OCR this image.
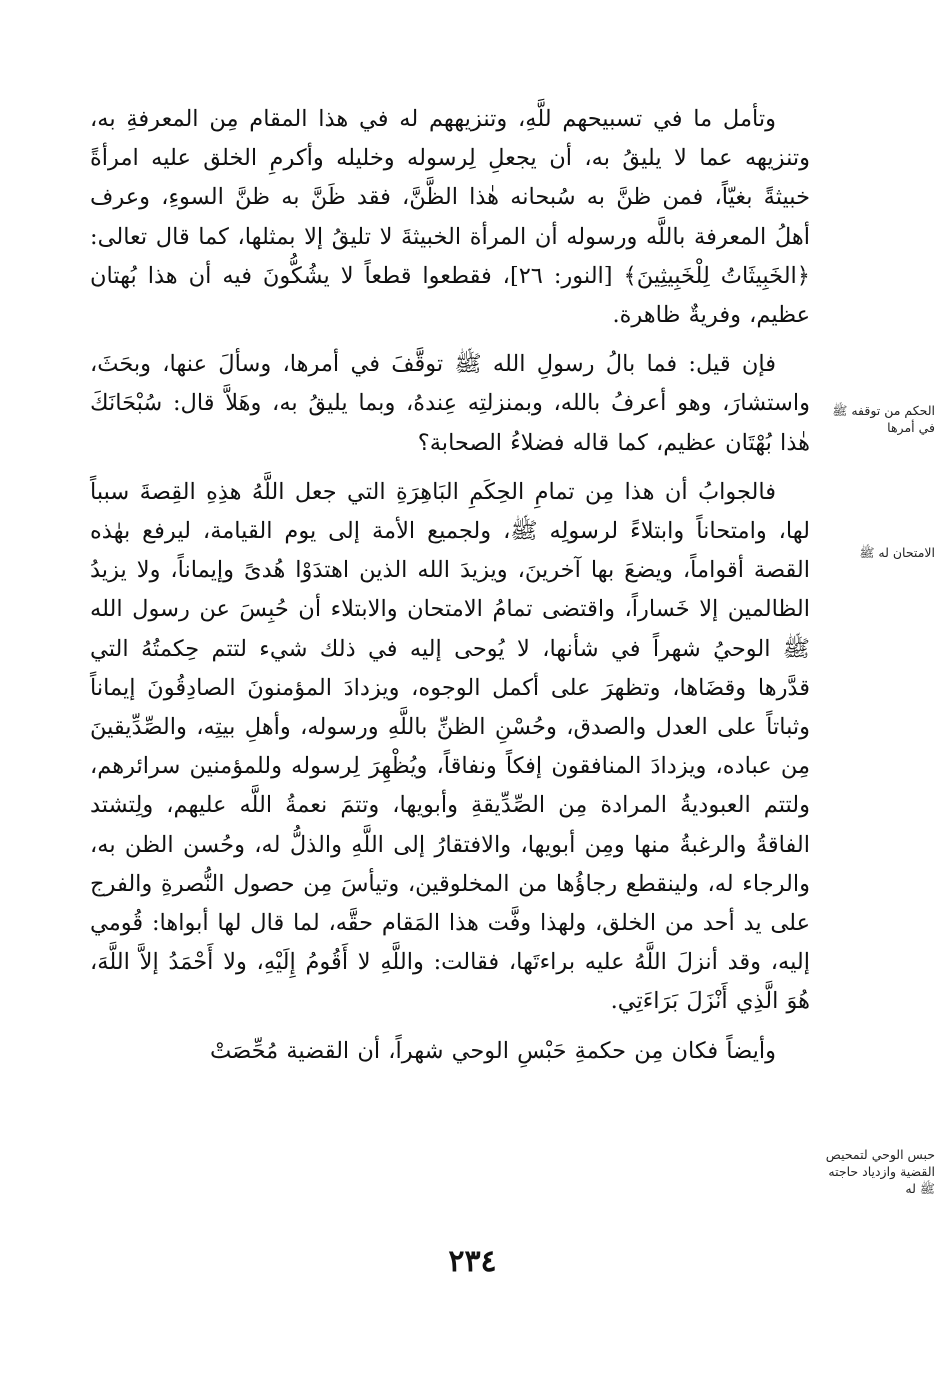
وتأمل ما في تسبيحهم للَّهِ، وتنزيههم له في هذا المقام مِن المعرفةِ به، وتنزيهه عما لا يليقُ به، أن يجعلِ لِرسوله وخليله وأكرمِ الخلق عليه امرأةً خبيثةً بغيّاً، فمن ظنَّ به سُبحانه هٰذا الظَّنَّ، فقد ظَنَّ به ظنَّ السوءِ، وعرف أهلُ المعرفة باللَّه ورسوله أن المرأة الخبيثةَ لا تليقُ إلا بمثلها، كما قال تعالى: ﴿الخَبِيثَاتُ لِلْخَبِيثِينَ﴾ [النور: ٢٦]، فقطعوا قطعاً لا يشُكُّونَ فيه أن هذا بُهتان عظيم، وفريةٌ ظاهرة.

فإن قيل: فما بالُ رسولِ الله ﷺ توقَّفَ في أمرها، وسألَ عنها، وبحَثَ، واستشارَ، وهو أعرفُ بالله، وبمنزلتِه عِندهُ، وبما يليقُ به، وهَلاَّ قال: سُبْحَانَكَ هٰذا بُهْتَان عظيم، كما قاله فضلاءُ الصحابة؟

فالجوابُ أن هذا مِن تمامِ الحِكَمِ البَاهِرَةِ التي جعل اللَّهُ هذِهِ القِصةَ سبباً لها، وامتحاناً وابتلاءً لرسولِه ﷺ، ولجميع الأمة إلى يوم القيامة، ليرفع بهٰذه القصة أقواماً، ويضعَ بها آخرينَ، ويزيدَ الله الذين اهتدَوْا هُدىً وإيماناً، ولا يزيدُ الظالمين إلا خَساراً، واقتضى تمامُ الامتحان والابتلاء أن حُبِسَ عن رسول الله ﷺ الوحيُ شهراً في شأنها، لا يُوحى إليه في ذلك شيء لتتم حِكمتُهُ التي قدَّرها وقضَاها، وتظهرَ على أكمل الوجوه، ويزدادَ المؤمنونَ الصادِقُونَ إيماناً وثباتاً على العدل والصدق، وحُسْنِ الظنِّ باللَّهِ ورسوله، وأهلِ بيتِه، والصِّدِّيقينَ مِن عباده، ويزدادَ المنافقون إفكاً ونفاقاً، ويُظْهِرَ لِرسوله وللمؤمنين سرائرهم، ولتتم العبوديةُ المرادة مِن الصِّدِّيقةِ وأبويها، وتتمَ نعمةُ اللَّه عليهم، ولِتشتد الفاقةُ والرغبةُ منها ومِن أبويها، والافتقارُ إلى اللَّهِ والذلُّ له، وحُسن الظن به، والرجاء له، ولينقطع رجاؤُها من المخلوقين، وتيأسَ مِن حصول النُّصرةِ والفرج على يد أحد من الخلق، ولهذا وفَّت هذا المَقام حقَّه، لما قال لها أبواها: قُومي إليه، وقد أنزلَ اللَّهُ عليه براءتَها، فقالت: واللَّهِ لا أَقُومُ إِلَيْهِ، ولا أَحْمَدُ إلاَّ اللَّهَ، هُوَ الَّذِي أَنْزَلَ بَرَاءَتِي.

وأيضاً فكان مِن حكمةِ حَبْسِ الوحي شهراً، أن القضية مُحِّصَتْ

الحكم من توقفه ﷺ في أمرها
الامتحان له ﷺ
حبس الوحي لتمحيص القضية وازدياد حاجته ﷺ له
٢٣٤
